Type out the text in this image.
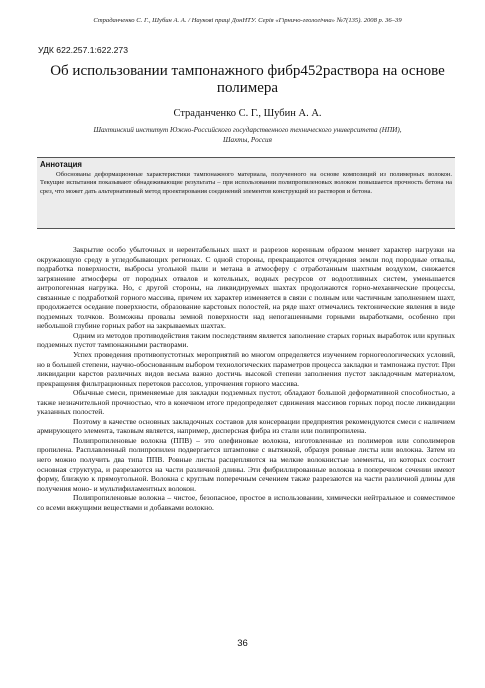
Страданченко С. Г., Шубин А. А. / Наукові праці ДонНТУ. Серія «Гірничо-геологічна» №7(135). 2008 р. 36–39
УДК 622.257.1:622.273
Об использовании тампонажного фибр452раствора на основе полимера
Страданченко С. Г., Шубин А. А.
Шахтинский институт Южно-Российского государственного технического университета (НПИ),
Шахты, Россия
Аннотация
Обоснованы деформационные характеристики тампонажного материала, полученного на основе композиций из полимерных волокон. Текущие испытания показывают обнадеживающие результаты – при использовании полипропиленовых волокон повышается прочность бетона на срез, что может дать альтернативный метод проектирования соединений элементов конструкций из растворов и бетона.

Закрытие особо убыточных и нерентабельных шахт и разрезов коренным образом меняет характер нагрузки на окружающую среду в угледобывающих регионах. С одной стороны, прекращаются отчуждения земли под породные отвалы, подработка поверхности, выбросы угольной пыли и метана в атмосферу с отработанным шахтным воздухом, снижается загрязнение атмосферы от породных отвалов и котельных, водных ресурсов от водоотливных систем, уменьшается антропогенная нагрузка. Но, с другой стороны, на ликвидируемых шахтах продолжаются горно-механические процессы, связанные с подработкой горного массива, причем их характер изменяется в связи с полным или частичным заполнением шахт, продолжается оседание поверхности, образование карстовых полостей, на ряде шахт отмечались тектонические явления в виде подземных толчков. Возможны провалы земной поверхности над непогашенными горными выработками, особенно при небольшой глубине горных работ на закрываемых шахтах.

Одним из методов противодействия таким последствиям является заполнение старых горных выработок или крупных подземных пустот тампонажными растворами.

Успех проведения противопустотных мероприятий во многом определяется изучением горногеологических условий, но в большей степени, научно-обоснованным выбором технологических параметров процесса закладки и тампонажа пустот. При ликвидации карстов различных видов весьма важно достичь высокой степени заполнения пустот закладочным материалом, прекращения фильтрационных перетоков рассолов, упрочнения горного массива.

Обычные смеси, применяемые для закладки подземных пустот, обладают большой деформативной способностью, а также незначительной прочностью, что в конечном итоге предопределяет сдвижения массивов горных пород после ликвидации указанных полостей.

Поэтому в качестве основных закладочных составов для консервации предприятия рекомендуются смеси с наличием армирующего элемента, таковым является, например, дисперсная фибра из стали или полипропилена.

Полипропиленовые волокна (ППВ) – это олефиновые волокна, изготовленные из полимеров или сополимеров пропилена. Расплавленный полипропилен подвергается штамповке с вытяжкой, образуя ровные листы или волокна. Затем из него можно получить два типа ППВ. Ровные листы расщепляются на мелкие волокнистые элементы, из которых состоит основная структура, и разрезаются на части различной длины. Эти фибриллированные волокна в поперечном сечении имеют форму, близкую к прямоугольной. Волокна с круглым поперечным сечением также разрезаются на части различной длины для получения моно- и мультифиламентных волокон.

Полипропиленовые волокна – чистое, безопасное, простое в использовании, химически нейтральное и совместимое со всеми вяжущими веществами и добавками волокно.

36
